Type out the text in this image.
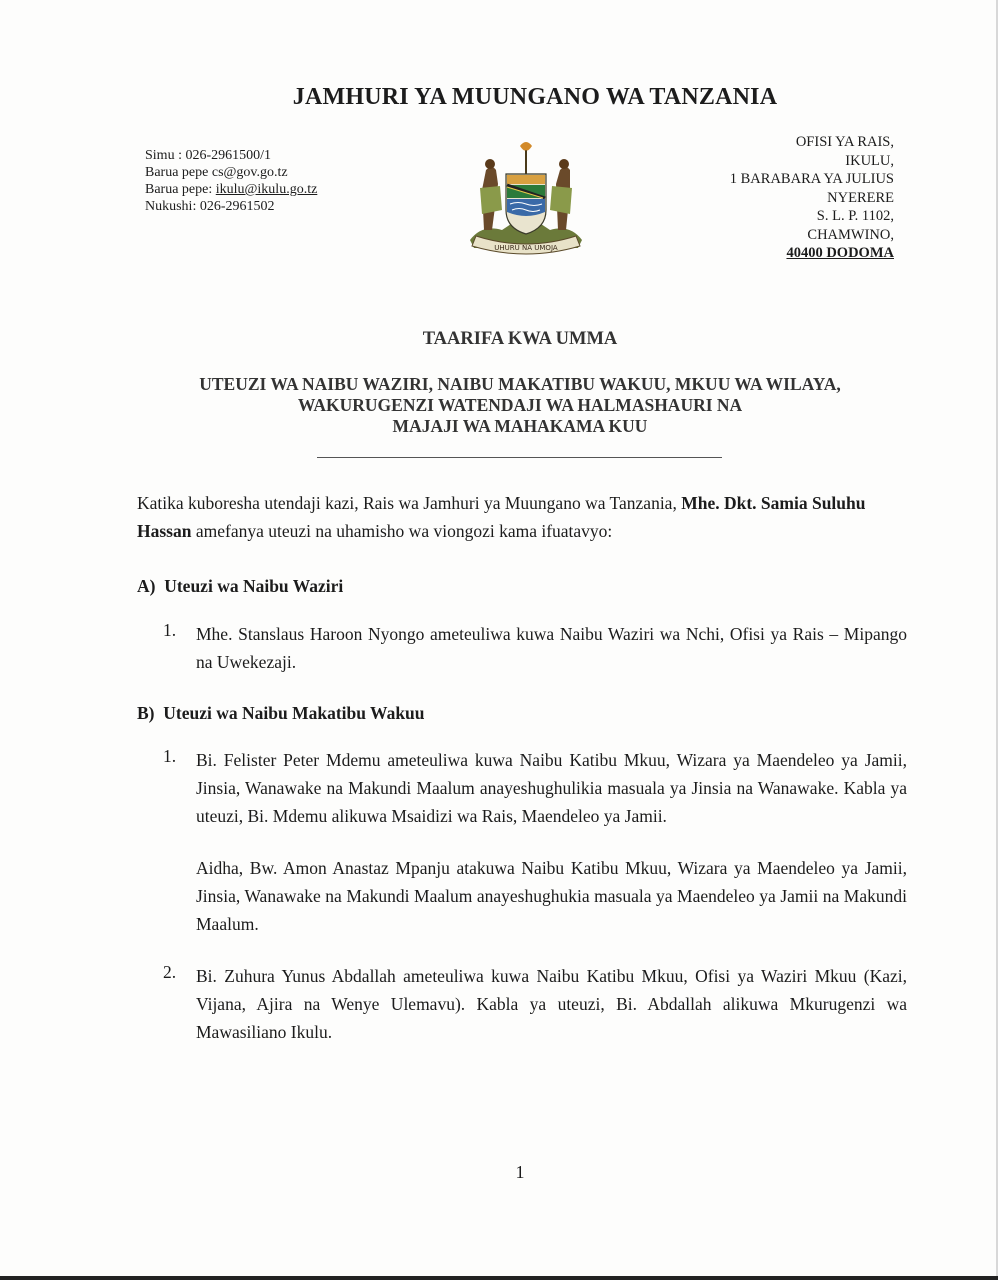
JAMHURI YA MUUNGANO WA TANZANIA
Simu : 026-2961500/1
Barua pepe cs@gov.go.tz
Barua pepe: ikulu@ikulu.go.tz
Nukushi: 026-2961502
UHURU NA UMOJA
OFISI YA RAIS,
IKULU,
1 BARABARA YA JULIUS
NYERERE
S. L. P. 1102,
CHAMWINO,
40400 DODOMA
TAARIFA KWA UMMA
UTEUZI WA NAIBU WAZIRI, NAIBU MAKATIBU WAKUU, MKUU WA WILAYA,
WAKURUGENZI WATENDAJI WA HALMASHAURI NA
MAJAJI WA MAHAKAMA KUU
Katika kuboresha utendaji kazi, Rais wa Jamhuri ya Muungano wa Tanzania, Mhe. Dkt. Samia Suluhu Hassan amefanya uteuzi na uhamisho wa viongozi kama ifuatavyo:
A) Uteuzi wa Naibu Waziri
1. Mhe. Stanslaus Haroon Nyongo ameteuliwa kuwa Naibu Waziri wa Nchi, Ofisi ya Rais – Mipango na Uwekezaji.
B) Uteuzi wa Naibu Makatibu Wakuu
1. Bi. Felister Peter Mdemu ameteuliwa kuwa Naibu Katibu Mkuu, Wizara ya Maendeleo ya Jamii, Jinsia, Wanawake na Makundi Maalum anayeshughulikia masuala ya Jinsia na Wanawake. Kabla ya uteuzi, Bi. Mdemu alikuwa Msaidizi wa Rais, Maendeleo ya Jamii.
Aidha, Bw. Amon Anastaz Mpanju atakuwa Naibu Katibu Mkuu, Wizara ya Maendeleo ya Jamii, Jinsia, Wanawake na Makundi Maalum anayeshughukia masuala ya Maendeleo ya Jamii na Makundi Maalum.
2. Bi. Zuhura Yunus Abdallah ameteuliwa kuwa Naibu Katibu Mkuu, Ofisi ya Waziri Mkuu (Kazi, Vijana, Ajira na Wenye Ulemavu). Kabla ya uteuzi, Bi. Abdallah alikuwa Mkurugenzi wa Mawasiliano Ikulu.
1
